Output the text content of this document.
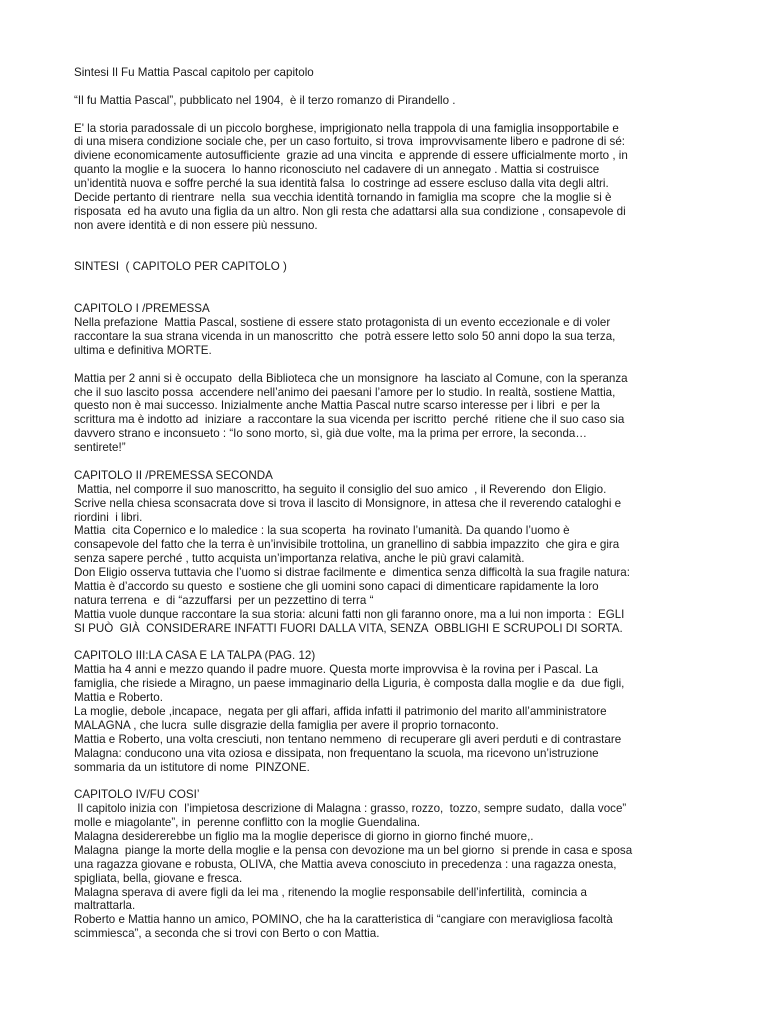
Sintesi Il Fu Mattia Pascal capitolo per capitolo
“Il fu Mattia Pascal”, pubblicato nel 1904,  è il terzo romanzo di Pirandello .
E' la storia paradossale di un piccolo borghese, imprigionato nella trappola di una famiglia insopportabile e
di una misera condizione sociale che, per un caso fortuito, si trova  improvvisamente libero e padrone di sé:
diviene economicamente autosufficiente  grazie ad una vincita  e apprende di essere ufficialmente morto , in
quanto la moglie e la suocera  lo hanno riconosciuto nel cadavere di un annegato . Mattia si costruisce
un’identità nuova e soffre perché la sua identità falsa  lo costringe ad essere escluso dalla vita degli altri.
Decide pertanto di rientrare  nella  sua vecchia identità tornando in famiglia ma scopre  che la moglie si è
risposata  ed ha avuto una figlia da un altro. Non gli resta che adattarsi alla sua condizione , consapevole di
non avere identità e di non essere più nessuno.
SINTESI  ( CAPITOLO PER CAPITOLO )
CAPITOLO I /PREMESSA
Nella prefazione  Mattia Pascal, sostiene di essere stato protagonista di un evento eccezionale e di voler
raccontare la sua strana vicenda in un manoscritto  che  potrà essere letto solo 50 anni dopo la sua terza,
ultima e definitiva MORTE.
Mattia per 2 anni si è occupato  della Biblioteca che un monsignore  ha lasciato al Comune, con la speranza
che il suo lascito possa  accendere nell’animo dei paesani l’amore per lo studio. In realtà, sostiene Mattia,
questo non è mai successo. Inizialmente anche Mattia Pascal nutre scarso interesse per i libri  e per la
scrittura ma è indotto ad  iniziare  a raccontare la sua vicenda per iscritto  perché  ritiene che il suo caso sia
davvero strano e inconsueto : “Io sono morto, sì, già due volte, ma la prima per errore, la seconda…
sentirete!”
CAPITOLO II /PREMESSA SECONDA
Mattia, nel comporre il suo manoscritto, ha seguito il consiglio del suo amico  , il Reverendo  don Eligio.
Scrive nella chiesa sconsacrata dove si trova il lascito di Monsignore, in attesa che il reverendo cataloghi e
riordini  i libri.
Mattia  cita Copernico e lo maledice : la sua scoperta  ha rovinato l’umanità. Da quando l’uomo è
consapevole del fatto che la terra è un’invisibile trottolina, un granellino di sabbia impazzito  che gira e gira
senza sapere perché , tutto acquista un’importanza relativa, anche le più gravi calamità.
Don Eligio osserva tuttavia che l’uomo si distrae facilmente e  dimentica senza difficoltà la sua fragile natura:
Mattia è d’accordo su questo  e sostiene che gli uomini sono capaci di dimenticare rapidamente la loro
natura terrena  e  di “azzuffarsi  per un pezzettino di terra “
Mattia vuole dunque raccontare la sua storia: alcuni fatti non gli faranno onore, ma a lui non importa :  EGLI
SI PUÒ  GIÀ  CONSIDERARE INFATTI FUORI DALLA VITA, SENZA  OBBLIGHI E SCRUPOLI DI SORTA.
CAPITOLO III:LA CASA E LA TALPA (PAG. 12)
Mattia ha 4 anni e mezzo quando il padre muore. Questa morte improvvisa è la rovina per i Pascal. La
famiglia, che risiede a Miragno, un paese immaginario della Liguria, è composta dalla moglie e da  due figli,
Mattia e Roberto.
La moglie, debole ,incapace,  negata per gli affari, affida infatti il patrimonio del marito all’amministratore
MALAGNA , che lucra  sulle disgrazie della famiglia per avere il proprio tornaconto.
Mattia e Roberto, una volta cresciuti, non tentano nemmeno  di recuperare gli averi perduti e di contrastare
Malagna: conducono una vita oziosa e dissipata, non frequentano la scuola, ma ricevono un’istruzione
sommaria da un istitutore di nome  PINZONE.
CAPITOLO IV/FU COSI’
Il capitolo inizia con  l’impietosa descrizione di Malagna : grasso, rozzo,  tozzo, sempre sudato,  dalla voce”
molle e miagolante”, in  perenne conflitto con la moglie Guendalina.
Malagna desidererebbe un figlio ma la moglie deperisce di giorno in giorno finché muore,.
Malagna  piange la morte della moglie e la pensa con devozione ma un bel giorno  si prende in casa e sposa
una ragazza giovane e robusta, OLIVA, che Mattia aveva conosciuto in precedenza : una ragazza onesta,
spigliata, bella, giovane e fresca.
Malagna sperava di avere figli da lei ma , ritenendo la moglie responsabile dell’infertilità,  comincia a
maltrattarla.
Roberto e Mattia hanno un amico, POMINO, che ha la caratteristica di “cangiare con meravigliosa facoltà
scimmiesca”, a seconda che si trovi con Berto o con Mattia.
